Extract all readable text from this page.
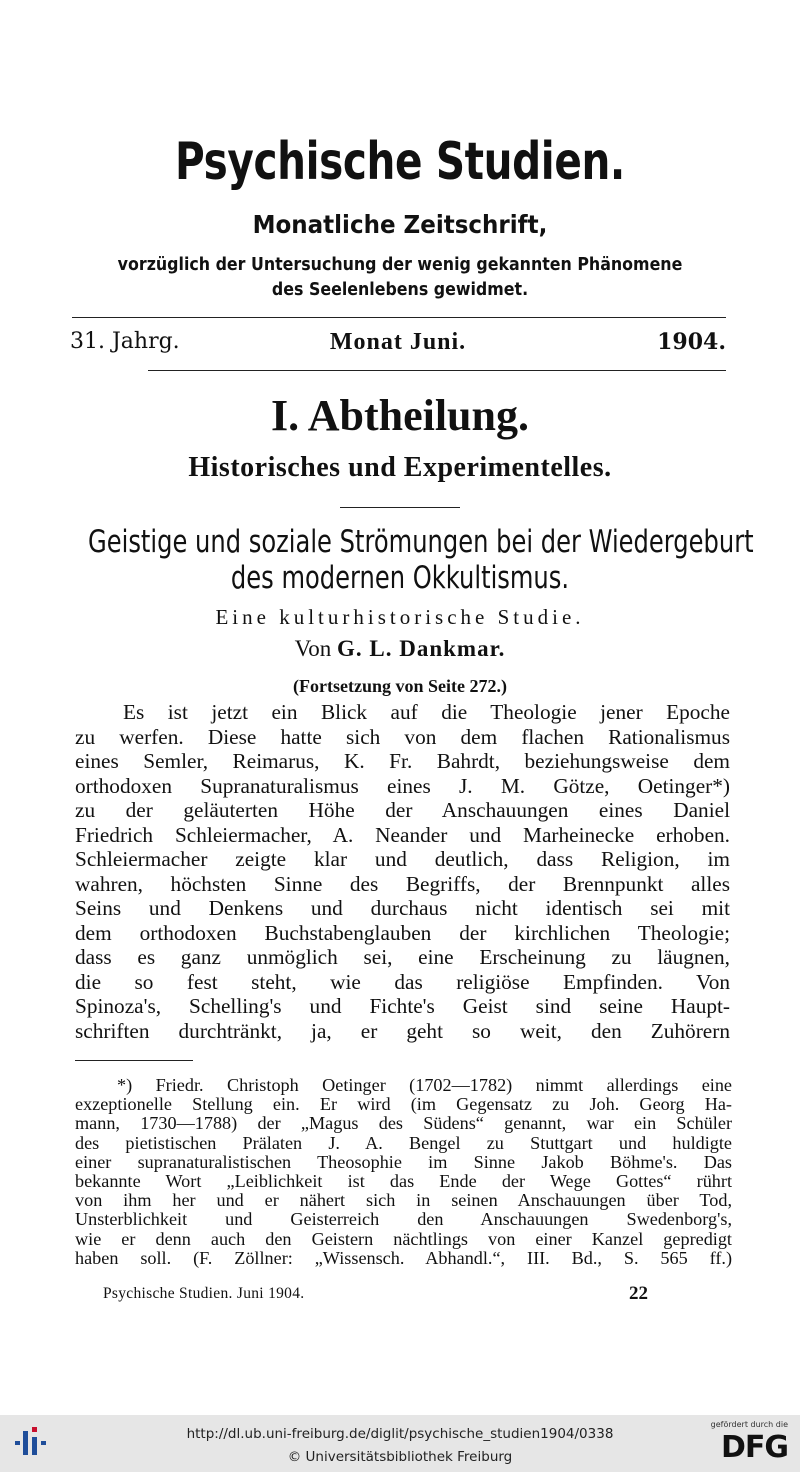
Psychische Studien.
Monatliche Zeitschrift,
vorzüglich der Untersuchung der wenig gekannten Phänomene
des Seelenlebens gewidmet.
31. Jahrg.	Monat Juni.	1904.
I. Abtheilung.
Historisches und Experimentelles.
Geistige und soziale Strömungen bei der Wiedergeburt
des modernen Okkultismus.
Eine kulturhistorische Studie.
Von G. L. Dankmar.
(Fortsetzung von Seite 272.)
Es ist jetzt ein Blick auf die Theologie jener Epoche
zu werfen. Diese hatte sich von dem flachen Rationalismus
eines Semler, Reimarus, K. Fr. Bahrdt, beziehungsweise dem
orthodoxen Supranaturalismus eines J. M. Götze, Oetinger*)
zu der geläuterten Höhe der Anschauungen eines Daniel
Friedrich Schleiermacher, A. Neander und Marheinecke erhoben.
Schleiermacher zeigte klar und deutlich, dass Religion, im
wahren, höchsten Sinne des Begriffs, der Brennpunkt alles
Seins und Denkens und durchaus nicht identisch sei mit
dem orthodoxen Buchstabenglauben der kirchlichen Theologie;
dass es ganz unmöglich sei, eine Erscheinung zu läugnen,
die so fest steht, wie das religiöse Empfinden. Von
Spinoza's, Schelling's und Fichte's Geist sind seine Haupt-
schriften durchtränkt, ja, er geht so weit, den Zuhörern
*) Friedr. Christoph Oetinger (1702—1782) nimmt allerdings eine
exzeptionelle Stellung ein. Er wird (im Gegensatz zu Joh. Georg Ha-
mann, 1730—1788) der „Magus des Südens“ genannt, war ein Schüler
des pietistischen Prälaten J. A. Bengel zu Stuttgart und huldigte
einer supranaturalistischen Theosophie im Sinne Jakob Böhme's. Das
bekannte Wort „Leiblichkeit ist das Ende der Wege Gottes“ rührt
von ihm her und er nähert sich in seinen Anschauungen über Tod,
Unsterblichkeit und Geisterreich den Anschauungen Swedenborg's,
wie er denn auch den Geistern nächtlings von einer Kanzel gepredigt
haben soll. (F. Zöllner: „Wissensch. Abhandl.“, III. Bd., S. 565 ff.)
Psychische Studien. Juni 1904.	22
http://dl.ub.uni-freiburg.de/diglit/psychische_studien1904/0338
© Universitätsbibliothek Freiburg
gefördert durch die
DFG
